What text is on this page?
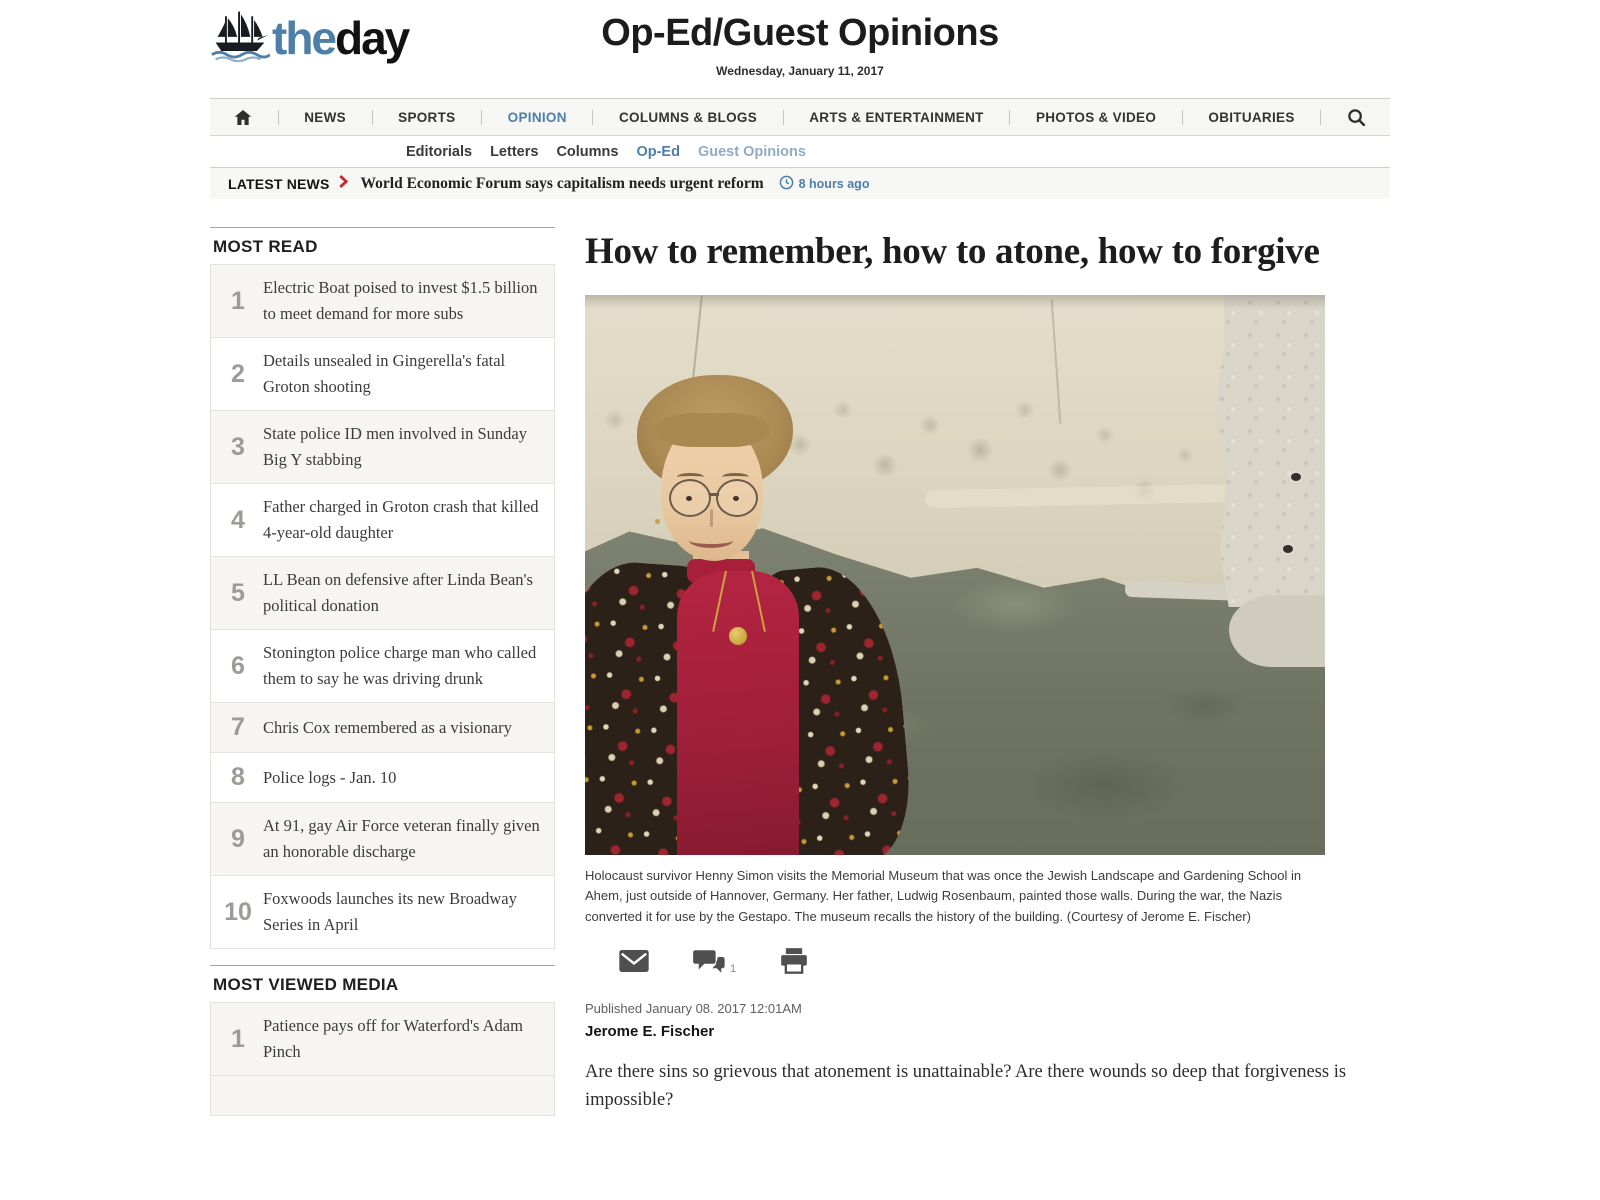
theday	Op-Ed/Guest Opinions
Wednesday, January 11, 2017
NEWS	SPORTS	OPINION	COLUMNS & BLOGS	ARTS & ENTERTAINMENT	PHOTOS & VIDEO	OBITUARIES
Editorials Letters Columns Op-Ed Guest Opinions
LATEST NEWS World Economic Forum says capitalism needs urgent reform	8 hours ago
MOST READ
1	Electric Boat poised to invest $1.5 billion to meet demand for more subs
2	Details unsealed in Gingerella's fatal Groton shooting
3	State police ID men involved in Sunday Big Y stabbing
4	Father charged in Groton crash that killed 4-year-old daughter
5	LL Bean on defensive after Linda Bean's political donation
6	Stonington police charge man who called them to say he was driving drunk
7	Chris Cox remembered as a visionary
8	Police logs - Jan. 10
9	At 91, gay Air Force veteran finally given an honorable discharge
10 Foxwoods launches its new Broadway Series in April
MOST VIEWED MEDIA
1	Patience pays off for Waterford's Adam Pinch
How to remember, how to atone, how to forgive
Holocaust survivor Henny Simon visits the Memorial Museum that was once the Jewish Landscape and Gardening School in Ahem, just outside of Hannover, Germany. Her father, Ludwig Rosenbaum, painted those walls. During the war, the Nazis converted it for use by the Gestapo. The museum recalls the history of the building. (Courtesy of Jerome E. Fischer)
1
Published January 08. 2017 12:01AM
Jerome E. Fischer

Are there sins so grievous that atonement is unattainable? Are there wounds so deep that forgiveness is impossible?
